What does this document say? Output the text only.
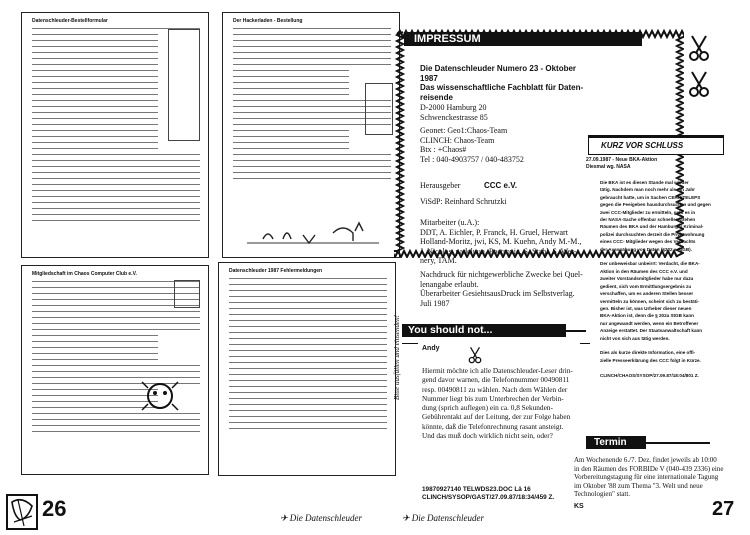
Datenschleuder-Bestellformular	Der Hackerladen - Bestellung
Mitgliedschaft im Chaos Computer Club e.V.	Datenschleuder 1987 Fehlermeldungen
Bitte ausfüllen und einsenden!
26	✈ Die Datenschleuder
IMPRESSUM
Die Datenschleuder Numero 23 - Oktober
1987
Das wissenschaftliche Fachblatt für Daten-
reisende
D-2000 Hamburg 20
Schwenckestrasse 85
Geonet: Geo1:Chaos-Team
CLINCH: Chaos-Team
Btx : +Chaos#
Tel : 040-4903757 / 040-483752
Herausgeber	CCC e.V.
ViSdP: Reinhard Schrutzki
Mitarbeiter (u.A.):
DDT, A. Eichler, P. Franck, H. Gruel, Herwart
Holland-Moritz, jwi, KS, M. Kuehn, Andy M.-M.,
J. Nicolas, padeluun, Poetronic, S. Stahl, S. Wer-
nery, TAM.
Nachdruck für nichtgewerbliche Zwecke bei Quel-
lenangabe erlaubt.
Überarbeiter GesiehtsausDruck im Selbstverlag.
Juli 1987
You should not...
Hiermit möchte ich alle Datenschleuder-Leser drin-
gend davor warnen, die Telefonnummer 00490811
resp. 00490811 zu wählen. Nach dem Wählen der
Nummer liegt bis zum Unterbrechen der Verbin-
dung (sprich auflegen) ein ca. 0,8 Sekunden-
Gebührentakt auf der Leitung, der zur Folge haben
könnte, daß die Telefonrechnung rasant ansteigt.
Und das muß doch wirklich nicht sein, oder?
Andy
19870927140 TELWDS23.DOC Lä 16
CLINCH/SYSOP/GAST/27.09.87/18:34/459 Z.
KURZ VOR SCHLUSS
27.09.1987 - Neue BKA-Aktion
Diesmal wg. NASA
Die BKA ist es diesen Stande mal wieder
tätig. Nachdem man noch mehr als ein Jahr
gebraucht hatte, um in Sachen CERN/TELEPS
gegen die Feeigeben hausdurchsuchen und gegen
zwei CCC-Mitglieder zu ermitteln, geht es in
der NASA-Sache offenbar schneller. Stehen
Räumen des BKA und der Hamburger Kriminal-
polizei durchsuchten derzeit die Privatwohnung
eines CCC- Mitglieder wegen des Verdachts
der Ausspähung von Daten (§202 a StGB).

Der unbeweisbar unbeirrt: Verdacht, die BKA-
Aktion in den Räumen des CCC e.V. und
zweiter Vorstandsmitglieder habe nur dazu
gedient, sich vom Ermittlungsergebnis zu
verschaffen, um es anderen Stellen besser
vermitteln zu können, scheint sich zu bestäti-
gen. Bisher ist, was Urheber dieser neuen
BKA-Aktion ist, denn die § 202a StGB kann
nur angewandt werden, wenn ein Betroffener
Anzeige erstattet. Der Staatsanwaltschaft kann
nicht von sich aus tätig werden.

Dies als kurze direkte Information, eine offi-
zielle Presseerklärung des CCC folgt in Kürze.

CLINCH/CHAOS/SYSOP/27.09.87/18:04/801 Z.
Termin
Am Wochenende 6./7. Dez. findet jeweils ab 10:00
in den Räumen des FORBIDe V (040-439 2336) eine
Vorbereitungstagung für eine internationale Tagung
im Oktober '88 zum Thema "3. Welt und neue
Technologien" statt.
KS	27
✈ Die Datenschleuder
